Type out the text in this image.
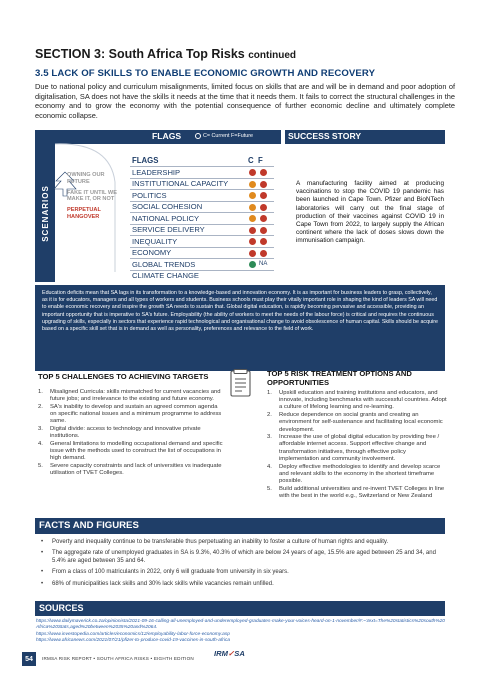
SECTION 3: South Africa Top Risks continued
3.5 LACK OF SKILLS TO ENABLE ECONOMIC GROWTH AND RECOVERY
Due to national policy and curriculum misalignments, limited focus on skills that are and will be in demand and poor adoption of digitalisation, SA does not have the skills it needs at the time that it needs them. It fails to correct the structural challenges in the economy and to grow the economy with the potential consequence of further economic decline and ultimately complete economic collapse.
FLAGS	C= Current F=Future	SUCCESS STORY
SCENARIOS
OWNING OUR FUTURE
FAKE IT UNTIL WE MAKE IT, OR NOT
PERPETUAL HANGOVER
FLAGS	C F
LEADERSHIP
INSTITUTIONAL CAPACITY
POLITICS
SOCIAL COHESION
NATIONAL POLICY
SERVICE DELIVERY
INEQUALITY
ECONOMY
GLOBAL TRENDS	NA
CLIMATE CHANGE
A manufacturing facility aimed at producing vaccinations to stop the COVID 19 pandemic has been launched in Cape Town. Pfizer and BioNTech laboratories will carry out the final stage of production of their vaccines against COVID 19 in Cape Town from 2022, to largely supply the African continent where the lack of doses slows down the immunisation campaign.
Education deficits mean that SA lags in its transformation to a knowledge-based and innovation economy. It is as important for business leaders to grasp, collectively, as it is for educators, managers and all types of workers and students. Business schools must play their vitally important role in shaping the kind of leaders SA will need to enable economic recovery and inspire the growth SA needs to sustain that. Global digital education, is rapidly becoming pervasive and accessible, providing an important opportunity that is imperative to SA's future. Employability (the ability of workers to meet the needs of the labour force) is critical and requires the continuous upgrading of skills, especially in sectors that experience rapid technological and organisational change to avoid obsolescence of human capital. Skills should be acquire based on a specific skill set that is in demand as well as personality, preferences and relevance to the field of work.
TOP 5 CHALLENGES TO ACHIEVING TARGETS
1. Misaligned Curricula: skills mismatched for current vacancies and future jobs; and irrelevance to the existing and future economy.
2. SA's inability to develop and sustain an agreed common agenda on specific national issues and a minimum programme to address same.
3. Digital divide: access to technology and innovative private institutions.
4. General limitations to modelling occupational demand and specific issue with the methods used to construct the list of occupations in high demand.
5. Severe capacity constraints and lack of universities vs inadequate utilisation of TVET Colleges.
TOP 5 RISK TREATMENT OPTIONS AND OPPORTUNITIES
1. Upskill education and training institutions and educators, and innovate, including benchmarks with successful countries. Adopt a culture of lifelong learning and re-learning.
2. Reduce dependence on social grants and creating an environment for self-sustenance and facilitating local economic development.
3. Increase the use of global digital education by providing free / affordable internet access. Support effective change and transformation initiatives, through effective policy implementation and community involvement.
4. Deploy effective methodologies to identify and develop scarce and relevant skills to the economy in the shortest timeframe possible.
5. Build additional universities and re-invent TVET Colleges in line with the best in the world e.g., Switzerland or New Zealand
FACTS AND FIGURES
• Poverty and inequality continue to be transferable thus perpetuating an inability to foster a culture of human rights and equality.
• The aggregate rate of unemployed graduates in SA is 9.3%, 40.3% of which are below 24 years of age, 15.5% are aged between 25 and 34, and 5.4% are aged between 35 and 64.
• From a class of 100 matriculants in 2022, only 6 will graduate from university in six years.
• 68% of municipalities lack skills and 30% lack skills while vacancies remain unfilled.
SOURCES
https://www.dailymaverick.co.za/opinionista/2021-09-16-calling-all-unemployed-and-underemployed-graduates-make-your-voices-heard-on-1-november/#:~:text=The%20statistics%20south%20Africa%20Stats,aged%20between%2035%20and%2064.
https://www.investopedia.com/articles/economics/12/employability-labor-force-economy.asp
https://www.africanews.com/2021/07/21/pfizer-to-produce-covid-19-vaccines-in-south-africa
54	IRMSA RISK REPORT • SOUTH AFRICA RISKS • EIGHTH EDITION
IRM✓SA
